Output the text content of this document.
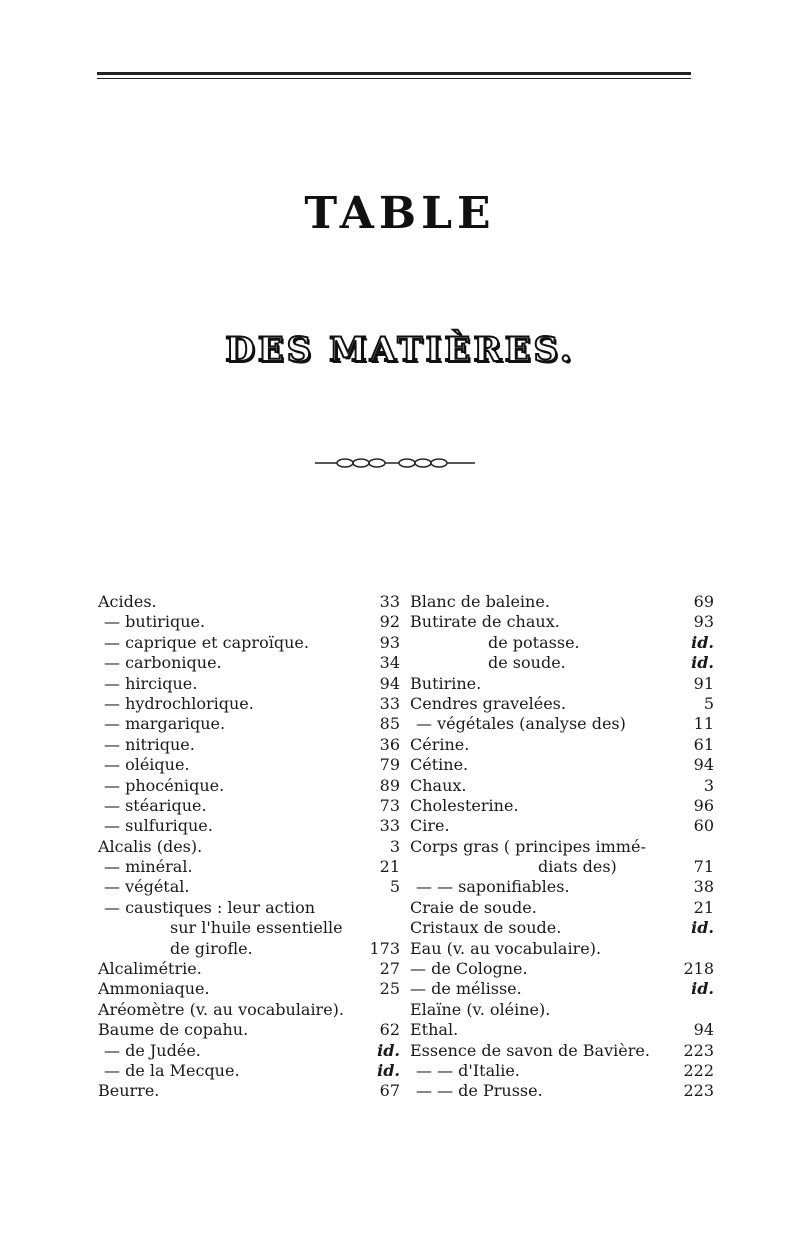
TABLE
DES MATIÈRES.
Acides.	33
— butirique.	92
— caprique et caproïque.	93
— carbonique.	34
— hircique.	94
— hydrochlorique.	33
— margarique.	85
— nitrique.	36
— oléique.	79
— phocénique.	89
— stéarique.	73
— sulfurique.	33
Alcalis (des).	3
— minéral.	21
— végétal.	5
— caustiques : leur action
sur l'huile essentielle
de girofle.	173
Alcalimétrie.	27
Ammoniaque.	25
Aréomètre (v. au vocabulaire).
Baume de copahu.	62
— de Judée.	id.
— de la Mecque.	id.
Beurre.	67
Blanc de baleine.	69
Butirate de chaux.	93
de potasse.	id.
de soude.	id.
Butirine.	91
Cendres gravelées.	5
— végétales (analyse des)	11
Cérine.	61
Cétine.	94
Chaux.	3
Cholesterine.	96
Cire.	60
Corps gras ( principes immé-
diats des)	71
— — saponifiables.	38
Craie de soude.	21
Cristaux de soude.	id.
Eau (v. au vocabulaire).
— de Cologne.	218
— de mélisse.	id.
Elaïne (v. oléine).
Ethal.	94
Essence de savon de Bavière. 223
— — d'Italie.	222
— — de Prusse.	223
